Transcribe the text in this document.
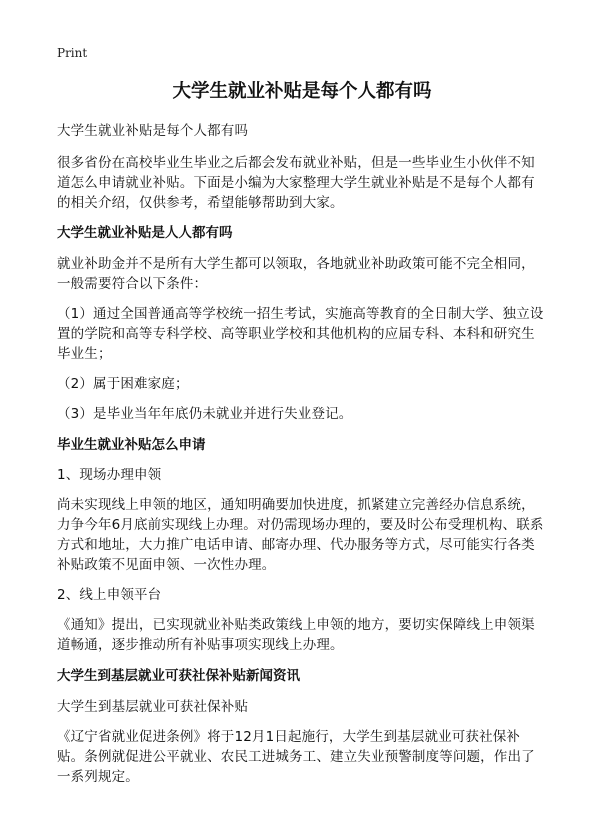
Print
大学生就业补贴是每个人都有吗

大学生就业补贴是每个人都有吗

很多省份在高校毕业生毕业之后都会发布就业补贴，但是一些毕业生小伙伴不知道怎么申请就业补贴。下面是小编为大家整理大学生就业补贴是不是每个人都有的相关介绍，仅供参考，希望能够帮助到大家。

大学生就业补贴是人人都有吗

就业补助金并不是所有大学生都可以领取，各地就业补助政策可能不完全相同，一般需要符合以下条件：

（1）通过全国普通高等学校统一招生考试，实施高等教育的全日制大学、独立设置的学院和高等专科学校、高等职业学校和其他机构的应届专科、本科和研究生毕业生；

（2）属于困难家庭；

（3）是毕业当年年底仍未就业并进行失业登记。

毕业生就业补贴怎么申请

1、现场办理申领

尚未实现线上申领的地区，通知明确要加快进度，抓紧建立完善经办信息系统，力争今年6月底前实现线上办理。对仍需现场办理的，要及时公布受理机构、联系方式和地址，大力推广电话申请、邮寄办理、代办服务等方式，尽可能实行各类补贴政策不见面申领、一次性办理。

2、线上申领平台

《通知》提出，已实现就业补贴类政策线上申领的地方，要切实保障线上申领渠道畅通，逐步推动所有补贴事项实现线上办理。

大学生到基层就业可获社保补贴新闻资讯

大学生到基层就业可获社保补贴

《辽宁省就业促进条例》将于12月1日起施行，大学生到基层就业可获社保补贴。条例就促进公平就业、农民工进城务工、建立失业预警制度等问题，作出了一系列规定。
